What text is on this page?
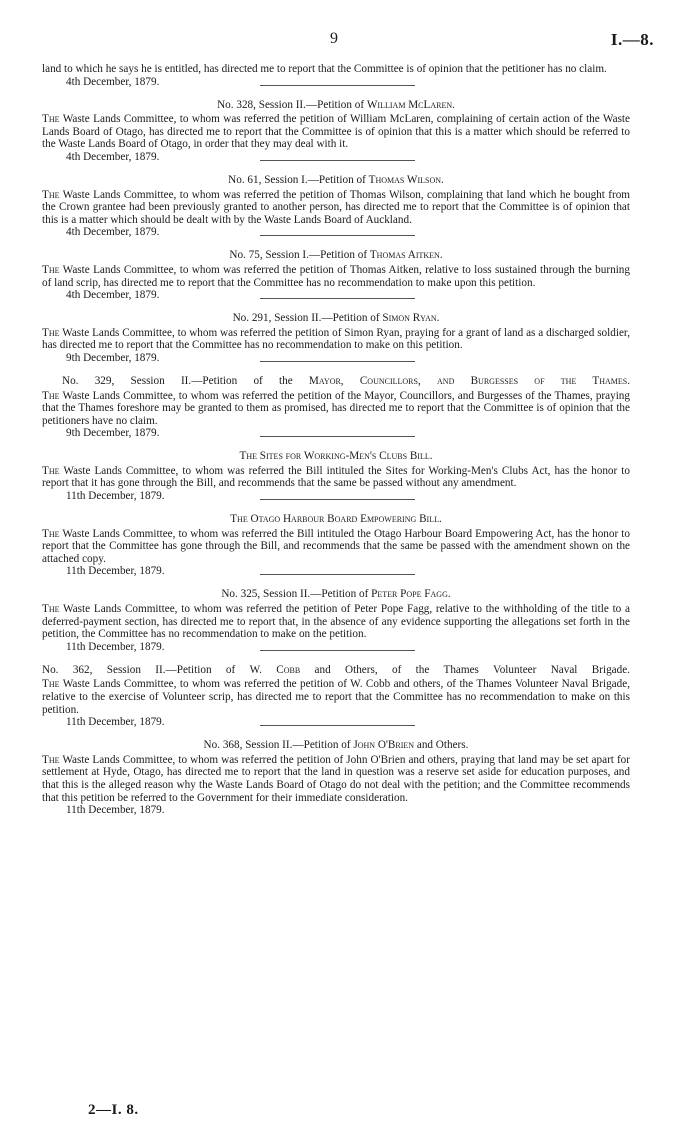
9	I.—8.

land to which he says he is entitled, has directed me to report that the Committee is of opinion that the petitioner has no claim.

4th December, 1879.

No. 328, Session II.—Petition of William McLaren.

The Waste Lands Committee, to whom was referred the petition of William McLaren, complaining of certain action of the Waste Lands Board of Otago, has directed me to report that the Committee is of opinion that this is a matter which should be referred to the Waste Lands Board of Otago, in order that they may deal with it.

4th December, 1879.

No. 61, Session I.—Petition of Thomas Wilson.

The Waste Lands Committee, to whom was referred the petition of Thomas Wilson, complaining that land which he bought from the Crown grantee had been previously granted to another person, has directed me to report that the Committee is of opinion that this is a matter which should be dealt with by the Waste Lands Board of Auckland.

4th December, 1879.

No. 75, Session I.—Petition of Thomas Aitken.

The Waste Lands Committee, to whom was referred the petition of Thomas Aitken, relative to loss sustained through the burning of land scrip, has directed me to report that the Committee has no recommendation to make upon this petition.

4th December, 1879.

No. 291, Session II.—Petition of Simon Ryan.

The Waste Lands Committee, to whom was referred the petition of Simon Ryan, praying for a grant of land as a discharged soldier, has directed me to report that the Committee has no recommendation to make on this petition.

9th December, 1879.

No. 329, Session II.—Petition of the Mayor, Councillors, and Burgesses of the Thames.

The Waste Lands Committee, to whom was referred the petition of the Mayor, Councillors, and Burgesses of the Thames, praying that the Thames foreshore may be granted to them as promised, has directed me to report that the Committee is of opinion that the petitioners have no claim.

9th December, 1879.

The Sites for Working-Men's Clubs Bill.

The Waste Lands Committee, to whom was referred the Bill intituled the Sites for Working-Men's Clubs Act, has the honor to report that it has gone through the Bill, and recommends that the same be passed without any amendment.

11th December, 1879.

The Otago Harbour Board Empowering Bill.

The Waste Lands Committee, to whom was referred the Bill intituled the Otago Harbour Board Empowering Act, has the honor to report that the Committee has gone through the Bill, and recommends that the same be passed with the amendment shown on the attached copy.

11th December, 1879.

No. 325, Session II.—Petition of Peter Pope Fagg.

The Waste Lands Committee, to whom was referred the petition of Peter Pope Fagg, relative to the withholding of the title to a deferred-payment section, has directed me to report that, in the absence of any evidence supporting the allegations set forth in the petition, the Committee has no recommendation to make on the petition.

11th December, 1879.

No. 362, Session II.—Petition of W. Cobb and Others, of the Thames Volunteer Naval Brigade.

The Waste Lands Committee, to whom was referred the petition of W. Cobb and others, of the Thames Volunteer Naval Brigade, relative to the exercise of Volunteer scrip, has directed me to report that the Committee has no recommendation to make on this petition.

11th December, 1879.

No. 368, Session II.—Petition of John O'Brien and Others.

The Waste Lands Committee, to whom was referred the petition of John O'Brien and others, praying that land may be set apart for settlement at Hyde, Otago, has directed me to report that the land in question was a reserve set aside for education purposes, and that this is the alleged reason why the Waste Lands Board of Otago do not deal with the petition; and the Committee recommends that this petition be referred to the Government for their immediate consideration.

11th December, 1879.
2—I. 8.
